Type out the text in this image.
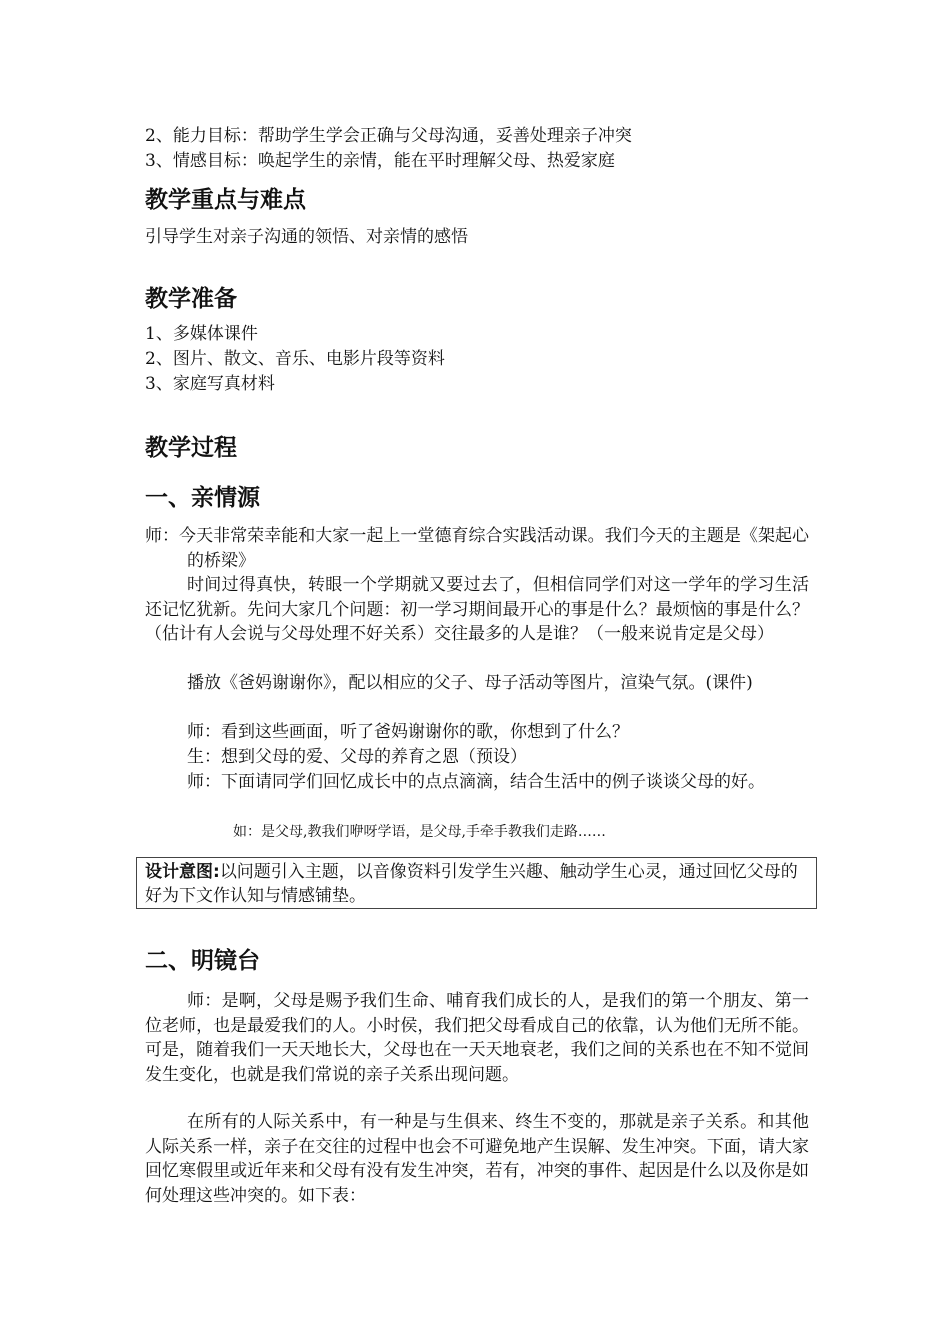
2、能力目标：帮助学生学会正确与父母沟通，妥善处理亲子冲突
3、情感目标：唤起学生的亲情，能在平时理解父母、热爱家庭
教学重点与难点
引导学生对亲子沟通的领悟、对亲情的感悟
教学准备
1、多媒体课件
2、图片、散文、音乐、电影片段等资料
3、家庭写真材料
教学过程
一、亲情源

师：今天非常荣幸能和大家一起上一堂德育综合实践活动课。我们今天的主题是《架起心的桥梁》

时间过得真快，转眼一个学期就又要过去了，但相信同学们对这一学年的学习生活还记忆犹新。先问大家几个问题：初一学习期间最开心的事是什么？最烦恼的事是什么？（估计有人会说与父母处理不好关系）交往最多的人是谁？（一般来说肯定是父母）

播放《爸妈谢谢你》，配以相应的父子、母子活动等图片，渲染气氛。(课件)

师：看到这些画面，听了爸妈谢谢你的歌，你想到了什么？

生：想到父母的爱、父母的养育之恩（预设）

师：下面请同学们回忆成长中的点点滴滴，结合生活中的例子谈谈父母的好。

如：是父母,教我们咿呀学语，是父母,手牵手教我们走路……
设计意图:以问题引入主题，以音像资料引发学生兴趣、触动学生心灵，通过回忆父母的好为下文作认知与情感铺垫。
二、明镜台

师：是啊，父母是赐予我们生命、哺育我们成长的人，是我们的第一个朋友、第一位老师，也是最爱我们的人。小时侯，我们把父母看成自己的依靠，认为他们无所不能。可是，随着我们一天天地长大，父母也在一天天地衰老，我们之间的关系也在不知不觉间发生变化，也就是我们常说的亲子关系出现问题。

在所有的人际关系中，有一种是与生俱来、终生不变的，那就是亲子关系。和其他人际关系一样，亲子在交往的过程中也会不可避免地产生误解、发生冲突。下面，请大家回忆寒假里或近年来和父母有没有发生冲突，若有，冲突的事件、起因是什么以及你是如何处理这些冲突的。如下表：
